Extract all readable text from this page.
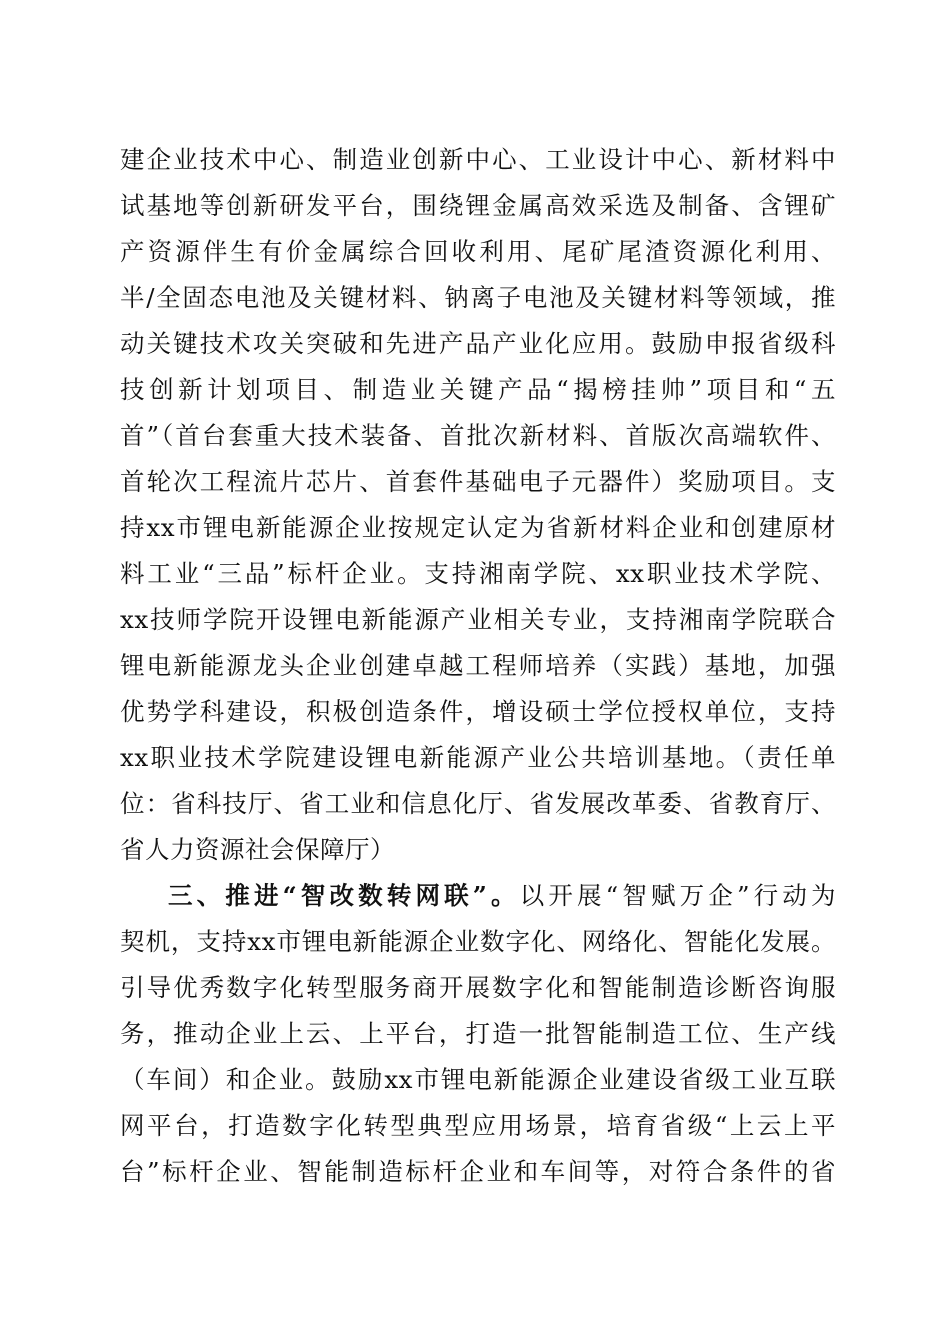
建企业技术中心、制造业创新中心、工业设计中心、新材料中
试基地等创新研发平台，围绕锂金属高效采选及制备、含锂矿
产资源伴生有价金属综合回收利用、尾矿尾渣资源化利用、
半/全固态电池及关键材料、钠离子电池及关键材料等领域，推
动关键技术攻关突破和先进产品产业化应用。鼓励申报省级科
技创新计划项目、制造业关键产品“揭榜挂帅”项目和“五
首”（首台套重大技术装备、首批次新材料、首版次高端软件、
首轮次工程流片芯片、首套件基础电子元器件）奖励项目。支
持xx市锂电新能源企业按规定认定为省新材料企业和创建原材
料工业“三品”标杆企业。支持湘南学院、xx职业技术学院、
xx技师学院开设锂电新能源产业相关专业，支持湘南学院联合
锂电新能源龙头企业创建卓越工程师培养（实践）基地，加强
优势学科建设，积极创造条件，增设硕士学位授权单位，支持
xx职业技术学院建设锂电新能源产业公共培训基地。（责任单
位：省科技厅、省工业和信息化厅、省发展改革委、省教育厅、
省人力资源社会保障厅）
三、推进“智改数转网联”。以开展“智赋万企”行动为
契机，支持xx市锂电新能源企业数字化、网络化、智能化发展。
引导优秀数字化转型服务商开展数字化和智能制造诊断咨询服
务，推动企业上云、上平台，打造一批智能制造工位、生产线
（车间）和企业。鼓励xx市锂电新能源企业建设省级工业互联
网平台，打造数字化转型典型应用场景，培育省级“上云上平
台”标杆企业、智能制造标杆企业和车间等，对符合条件的省
